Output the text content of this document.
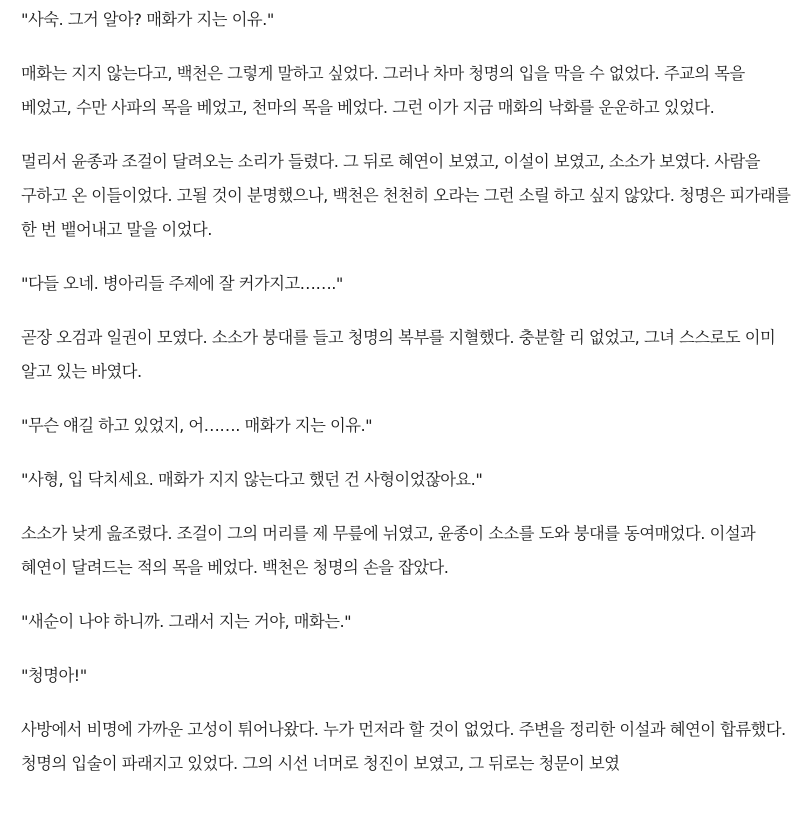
"사숙. 그거 알아? 매화가 지는 이유."

매화는 지지 않는다고, 백천은 그렇게 말하고 싶었다. 그러나 차마 청명의 입을 막을 수 없었다. 주교의 목을 베었고, 수만 사파의 목을 베었고, 천마의 목을 베었다. 그런 이가 지금 매화의 낙화를 운운하고 있었다.

멀리서 윤종과 조걸이 달려오는 소리가 들렸다. 그 뒤로 혜연이 보였고, 이설이 보였고, 소소가 보였다. 사람을 구하고 온 이들이었다. 고될 것이 분명했으나, 백천은 천천히 오라는 그런 소릴 하고 싶지 않았다. 청명은 피가래를 한 번 뱉어내고 말을 이었다.

"다들 오네. 병아리들 주제에 잘 커가지고……."

곧장 오검과 일권이 모였다. 소소가 붕대를 들고 청명의 복부를 지혈했다. 충분할 리 없었고, 그녀 스스로도 이미 알고 있는 바였다.

"무슨 얘길 하고 있었지, 어……. 매화가 지는 이유."

"사형, 입 닥치세요. 매화가 지지 않는다고 했던 건 사형이었잖아요."

소소가 낮게 읊조렸다. 조걸이 그의 머리를 제 무릎에 뉘였고, 윤종이 소소를 도와 붕대를 동여매었다. 이설과 혜연이 달려드는 적의 목을 베었다. 백천은 청명의 손을 잡았다.

"새순이 나야 하니까. 그래서 지는 거야, 매화는."

"청명아!"

사방에서 비명에 가까운 고성이 튀어나왔다. 누가 먼저라 할 것이 없었다. 주변을 정리한 이설과 혜연이 합류했다. 청명의 입술이 파래지고 있었다. 그의 시선 너머로 청진이 보였고, 그 뒤로는 청문이 보였
